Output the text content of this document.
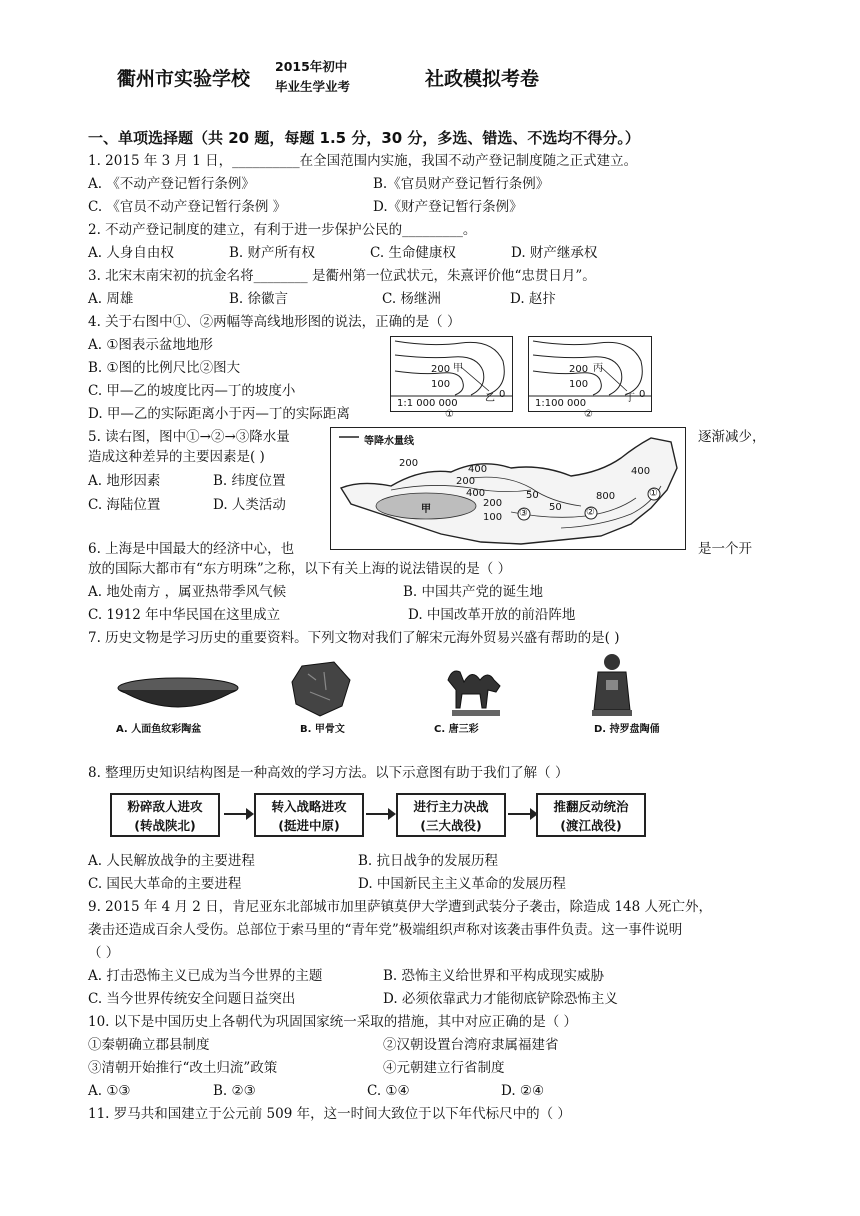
衢州市实验学校
2015年初中
毕业生学业考	社政模拟考卷
一、单项选择题（共 20 题，每题 1.5 分，30 分，多选、错选、不选均不得分。）
1. 2015 年 3 月 1 日，__________在全国范围内实施，我国不动产登记制度随之正式建立。
A. 《不动产登记暂行条例》	B.《官员财产登记暂行条例》
C. 《官员不动产登记暂行条例 》	D.《财产登记暂行条例》
2. 不动产登记制度的建立，有利于进一步保护公民的_________。
A. 人身自由权	B. 财产所有权	C. 生命健康权	D. 财产继承权
3. 北宋末南宋初的抗金名将________ 是衢州第一位武状元，朱熹评价他“忠贯日月”。
A. 周雄	B. 徐徽言	C. 杨继洲	D. 赵抃
4. 关于右图中①、②两幅等高线地形图的说法，正确的是（ ）
A. ①图表示盆地地形
B. ①图的比例尺比②图大
C. 甲—乙的坡度比丙—丁的坡度小
D. 甲—乙的实际距离小于丙—丁的实际距离
甲
200
100
乙 0
1:1 000 000
①
丙
200
100
丁 0
1:100 000
②
5. 读右图，图中①→②→③降水量	逐渐减少，
造成这种差异的主要因素是( )
A. 地形因素	B. 纬度位置
C. 海陆位置	D. 人类活动
等降水量线
200
400
200
400	800
50
200
100
400
50
甲	③	②
①
6. 上海是中国最大的经济中心，也	是一个开
放的国际大都市有“东方明珠”之称，以下有关上海的说法错误的是（ ）
A. 地处南方 ，属亚热带季风气候	B. 中国共产党的诞生地
C. 1912 年中华民国在这里成立	D. 中国改革开放的前沿阵地
7. 历史文物是学习历史的重要资料。下列文物对我们了解宋元海外贸易兴盛有帮助的是( )
A. 人面鱼纹彩陶盆	B. 甲骨文	C. 唐三彩	D. 持罗盘陶俑
8. 整理历史知识结构图是一种高效的学习方法。以下示意图有助于我们了解（ ）
粉碎敌人进攻
(转战陕北)
转入战略进攻
(挺进中原)
进行主力决战
(三大战役)
推翻反动统治
(渡江战役)
A. 人民解放战争的主要进程	B. 抗日战争的发展历程
C. 国民大革命的主要进程	D. 中国新民主主义革命的发展历程
9. 2015 年 4 月 2 日，肯尼亚东北部城市加里萨镇莫伊大学遭到武装分子袭击，除造成 148 人死亡外，
袭击还造成百余人受伤。总部位于索马里的“青年党”极端组织声称对该袭击事件负责。这一事件说明
（ ）
A. 打击恐怖主义已成为当今世界的主题	B. 恐怖主义给世界和平构成现实威胁
C. 当今世界传统安全问题日益突出	D. 必须依靠武力才能彻底铲除恐怖主义
10. 以下是中国历史上各朝代为巩固国家统一采取的措施，其中对应正确的是（ ）
①秦朝确立郡县制度	②汉朝设置台湾府隶属福建省
③清朝开始推行“改土归流”政策	④元朝建立行省制度
A. ①③	B. ②③	C. ①④	D. ②④
11. 罗马共和国建立于公元前 509 年，这一时间大致位于以下年代标尺中的（ ）
